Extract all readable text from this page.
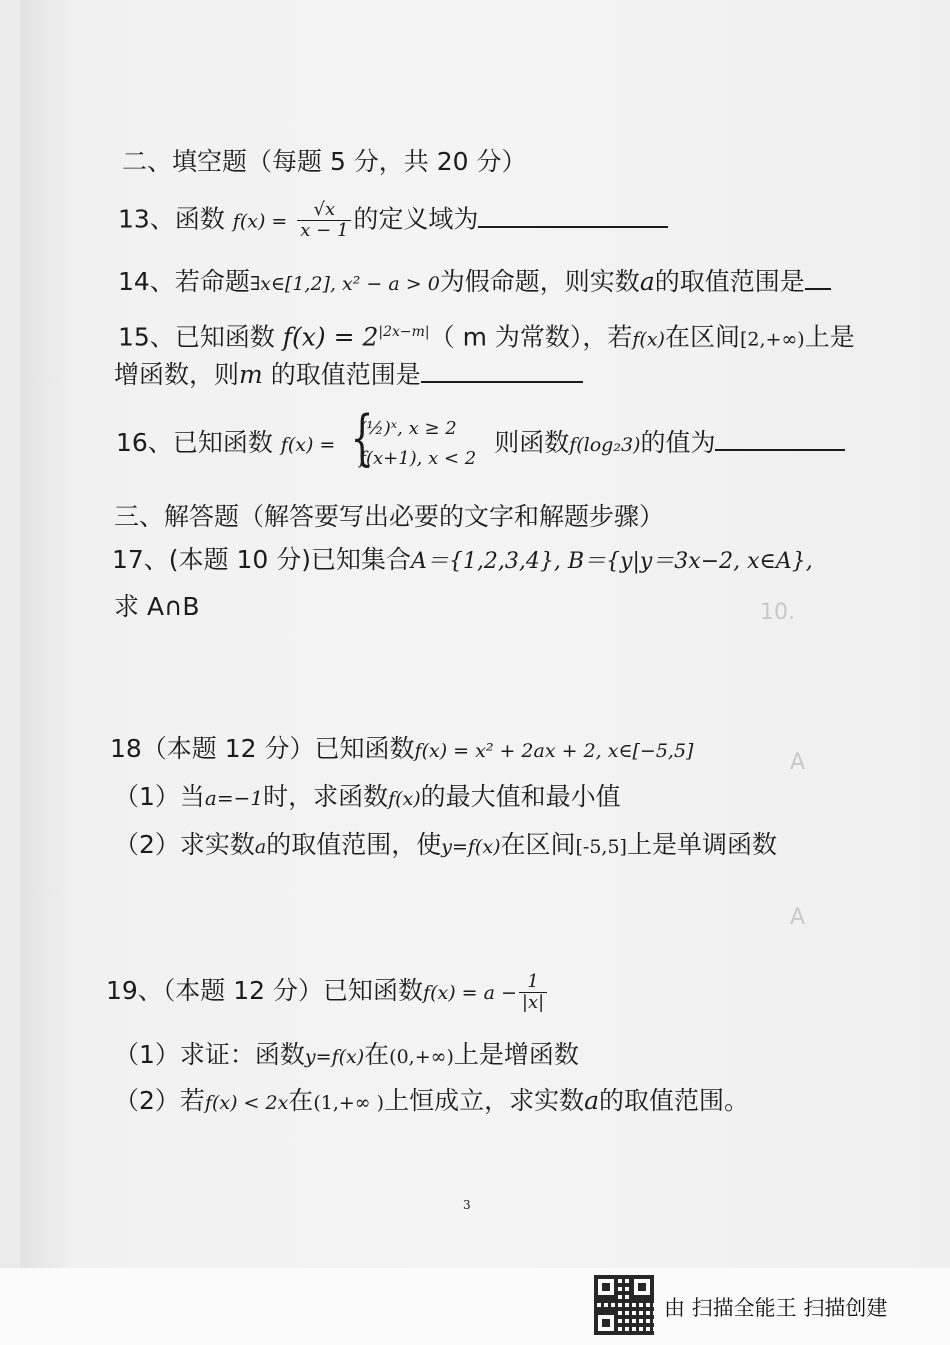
10.
A
A
二、填空题（每题 5 分，共 20 分）
13、函数 $f(x) = \frac{√x}{x - 1}$ 的定义域为
14、若命题∃x∈[1,2], x² − a > 0为假命题，则实数a的取值范围是
15、已知函数 $f(x) = 2^{|2x-m|}$（ m 为常数），若f(x)在区间[2,+∞)上是
增函数，则m 的取值范围是
16、已知函数 f(x) = {
(½)ˣ, x ≥ 2
f(x+1), x < 2
则函数f(log₂3)的值为
三、解答题（解答要写出必要的文字和解题步骤）
17、(本题 10 分)已知集合A＝{1,2,3,4}, B＝{y|y＝3x−2, x∈A},
求 A∩B
18（本题 12 分）已知函数f(x) = x² + 2ax + 2, x∈[−5,5]
（1）当a=−1时，求函数f(x)的最大值和最小值
（2）求实数a的取值范围，使y=f(x)在区间[-5,5]上是单调函数
19、（本题 12 分）已知函数$f(x) = a - \frac{1}{|x|}$
（1）求证：函数y=f(x)在(0,+∞)上是增函数
（2）若f(x) < 2x在(1,+∞ )上恒成立，求实数a的取值范围。
3
由 扫描全能王 扫描创建
